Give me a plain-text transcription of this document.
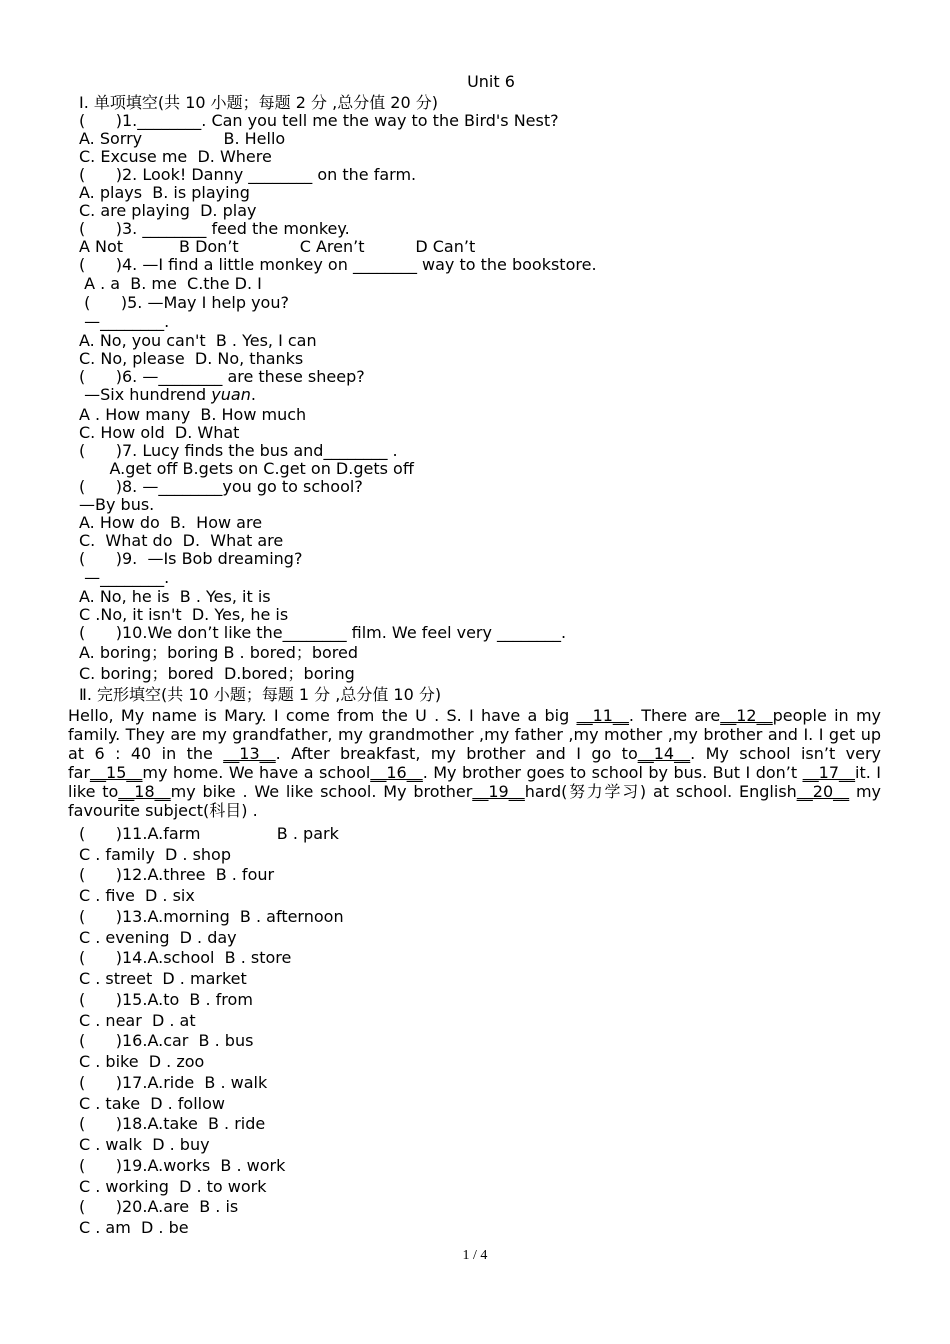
Unit 6
I. 单项填空(共 10 小题；每题 2 分 ,总分值 20 分)
(      )1.________. Can you tell me the way to the Bird's Nest?
A. Sorry                B. Hello
C. Excuse me  D. Where
(      )2. Look! Danny ________ on the farm.
A. plays  B. is playing
C. are playing  D. play
(      )3. ________ feed the monkey.
A Not           B Don’t            C Aren’t          D Can’t
(      )4. —I find a little monkey on ________ way to the bookstore.
A . a  B. me  C.the D. I
(      )5. —May I help you?
—________.
A. No, you can't  B . Yes, I can
C. No, please  D. No, thanks
(      )6. —________ are these sheep?
—Six hundrend yuan.
A . How many  B. How much
C. How old  D. What
(      )7. Lucy finds the bus and________ .
A.get off B.gets on C.get on D.gets off
(      )8. —________you go to school?
—By bus.
A. How do  B.  How are
C.  What do  D.  What are
(      )9.  —Is Bob dreaming?
—________.
A. No, he is  B . Yes, it is
C .No, it isn't  D. Yes, he is
(      )10.We don’t like the________ film. We feel very ________.
A. boring；boring B . bored；bored
C. boring；bored  D.bored；boring
Ⅱ. 完形填空(共 10 小题；每题 1 分 ,总分值 10 分)
Hello, My name is Mary. I come from the U . S. I have a big __11__. There are__12__people in my family. They are my grandfather, my grandmother ,my father ,my mother ,my brother and I. I get up at 6 : 40 in the __13__. After breakfast, my brother and I go to__14__. My school isn’t very far__15__my home. We have a school__16__. My brother goes to school by bus. But I don’t __17__it. I like to__18__my bike . We like school. My brother__19__hard(努力学习) at school. English__20__ my favourite subject(科目) .
(      )11.A.farm               B . park
C . family  D . shop
(      )12.A.three  B . four
C . five  D . six
(      )13.A.morning  B . afternoon
C . evening  D . day
(      )14.A.school  B . store
C . street  D . market
(      )15.A.to  B . from
C . near  D . at
(      )16.A.car  B . bus
C . bike  D . zoo
(      )17.A.ride  B . walk
C . take  D . follow
(      )18.A.take  B . ride
C . walk  D . buy
(      )19.A.works  B . work
C . working  D . to work
(      )20.A.are  B . is
C . am  D . be
1 / 4
